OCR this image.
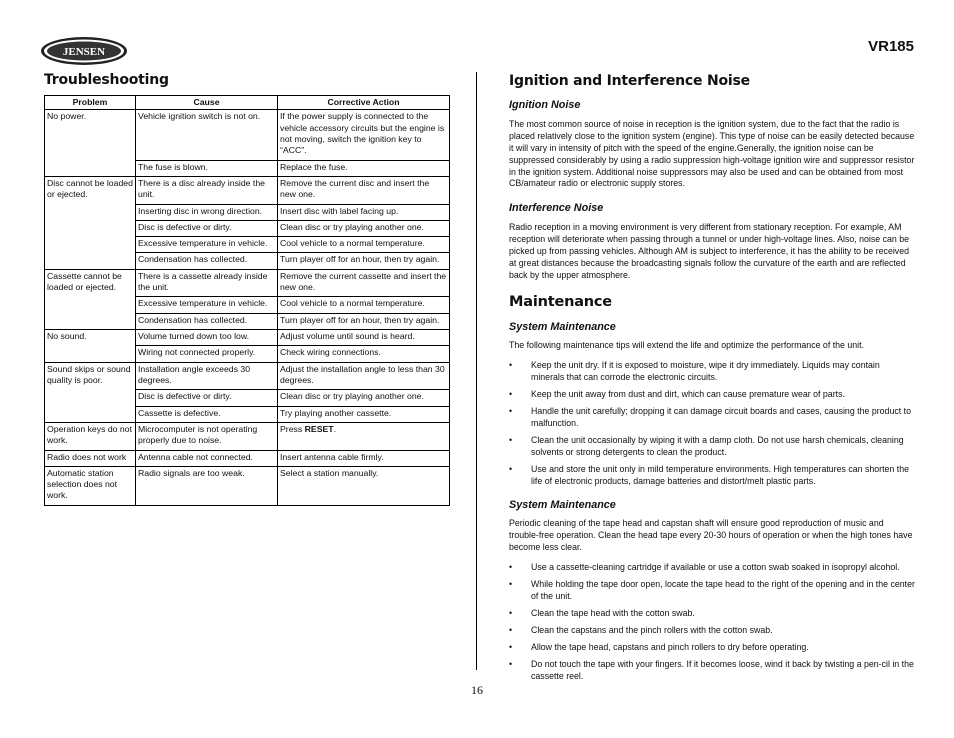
JENSEN	VR185
16
Troubleshooting
Problem	Cause	Corrective Action
No power.	Vehicle ignition switch is not on.	If the power supply is connected to the vehicle accessory circuits but the engine is not moving, switch the ignition key to “ACC”.
	The fuse is blown.	Replace the fuse.
Disc cannot be loaded or ejected.	There is a disc already inside the unit.	Remove the current disc and insert the new one.
	Inserting disc in wrong direction.	Insert disc with label facing up.
	Disc is defective or dirty.	Clean disc or try playing another one.
	Excessive temperature in vehicle.	Cool vehicle to a normal temperature.
	Condensation has collected.	Turn player off for an hour, then try again.
Cassette cannot be loaded or ejected.	There is a cassette already inside the unit.	Remove the current cassette and insert the new one.
	Excessive temperature in vehicle.	Cool vehicle to a normal temperature.
	Condensation has collected.	Turn player off for an hour, then try again.
No sound.	Volume turned down too low.	Adjust volume until sound is heard.
	Wiring not connected properly.	Check wiring connections.
Sound skips or sound quality is poor.	Installation angle exceeds 30 degrees.	Adjust the installation angle to less than 30 degrees.
	Disc is defective or dirty.	Clean disc or try playing another one.
	Cassette is defective.	Try playing another cassette.
Operation keys do not work.	Microcomputer is not operating properly due to noise.	Press RESET.
Radio does not work	Antenna cable not connected.	Insert antenna cable firmly.
Automatic station selection does not work.	Radio signals are too weak.	Select a station manually.
Ignition and Interference Noise
Ignition Noise

The most common source of noise in reception is the ignition system, due to the fact that the radio is placed relatively close to the ignition system (engine). This type of noise can be easily detected because it will vary in intensity of pitch with the speed of the engine.Generally, the ignition noise can be suppressed considerably by using a radio suppression high-voltage ignition wire and suppressor resistor in the ignition system. Additional noise suppressors may also be used and can be obtained from most CB/amateur radio or electronic supply stores.

Interference Noise

Radio reception in a moving environment is very different from stationary reception. For example, AM reception will deteriorate when passing through a tunnel or under high-voltage lines. Also, noise can be picked up from passing vehicles. Although AM is subject to interference, it has the ability to be received at great distances because the broadcasting signals follow the curvature of the earth and are reflected back by the upper atmosphere.

Maintenance
System Maintenance

The following maintenance tips will extend the life and optimize the performance of the unit.

• Keep the unit dry. If it is exposed to moisture, wipe it dry immediately. Liquids may contain minerals that can corrode the electronic circuits.
• Keep the unit away from dust and dirt, which can cause premature wear of parts.
• Handle the unit carefully; dropping it can damage circuit boards and cases, causing the product to malfunction.
• Clean the unit occasionally by wiping it with a damp cloth. Do not use harsh chemicals, cleaning solvents or strong detergents to clean the product.
• Use and store the unit only in mild temperature environments. High temperatures can shorten the life of electronic products, damage batteries and distort/melt plastic parts.
System Maintenance

Periodic cleaning of the tape head and capstan shaft will ensure good reproduction of music and trouble-free operation. Clean the head tape every 20-30 hours of operation or when the high tones have become less clear.

• Use a cassette-cleaning cartridge if available or use a cotton swab soaked in isopropyl alcohol.
• While holding the tape door open, locate the tape head to the right of the opening and in the center of the unit.
• Clean the tape head with the cotton swab.
• Clean the capstans and the pinch rollers with the cotton swab.
• Allow the tape head, capstans and pinch rollers to dry before operating.
• Do not touch the tape with your fingers. If it becomes loose, wind it back by twisting a pen-cil in the cassette reel.
